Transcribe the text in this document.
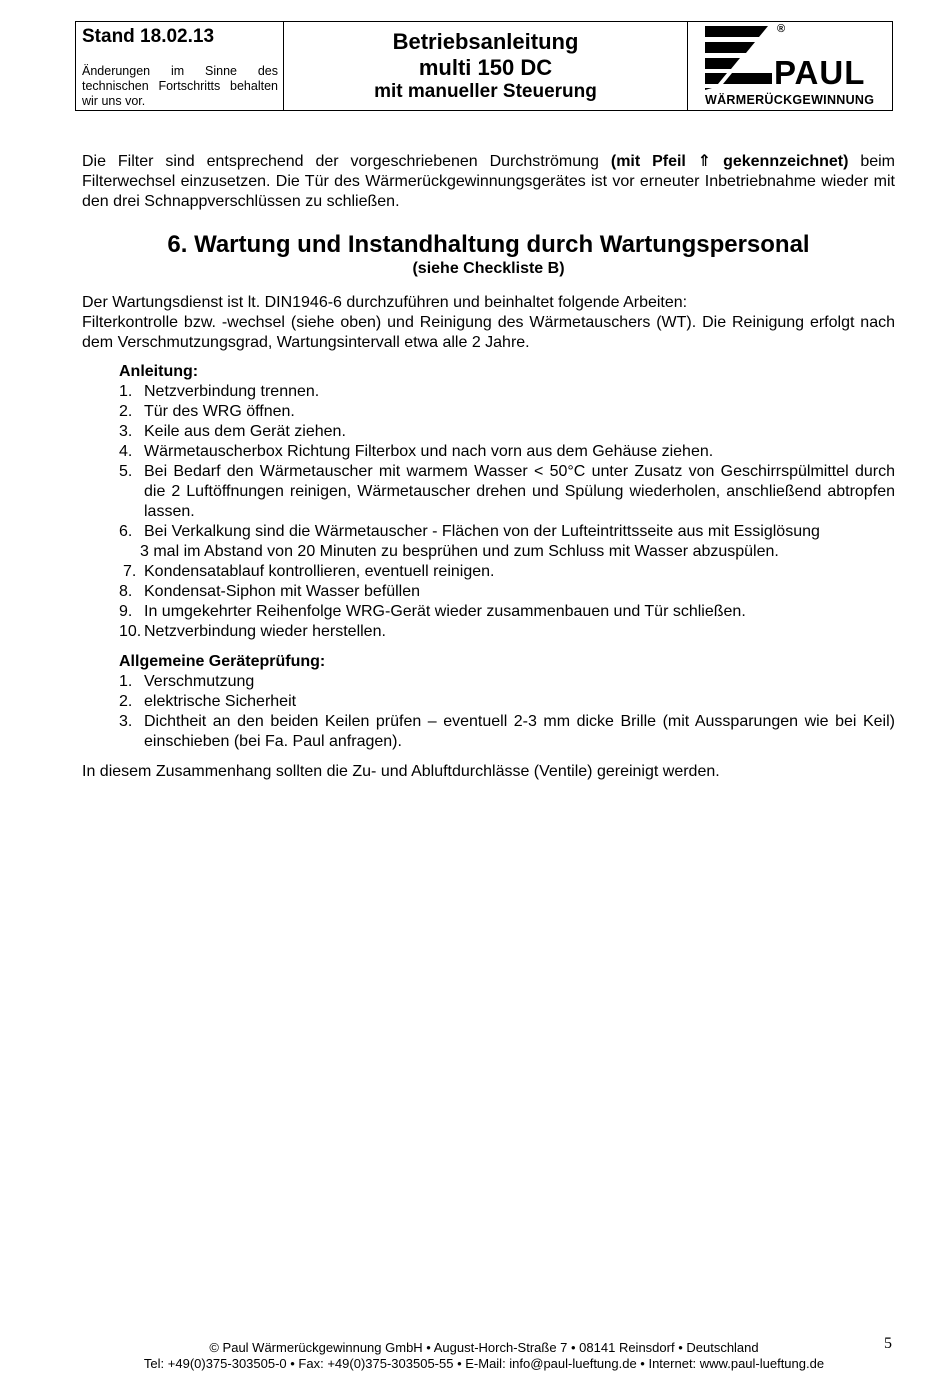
Stand 18.02.13
Änderungen im Sinne des technischen Fortschritts behalten wir uns vor.
Betriebsanleitung
multi 150 DC
mit manueller Steuerung
®
PAUL
WÄRMERÜCKGEWINNUNG

Die Filter sind entsprechend der vorgeschriebenen Durchströmung (mit Pfeil ⇑ gekennzeichnet) beim Filterwechsel einzusetzen. Die Tür des Wärmerückgewinnungsgerätes ist vor erneuter Inbetriebnahme wieder mit den drei Schnappverschlüssen zu schließen.

6. Wartung und Instandhaltung durch Wartungspersonal
(siehe Checkliste B)

Der Wartungsdienst ist lt. DIN1946-6 durchzuführen und beinhaltet folgende Arbeiten:

Filterkontrolle bzw. -wechsel (siehe oben) und Reinigung des Wärmetauschers (WT). Die Reinigung erfolgt nach dem Verschmutzungsgrad, Wartungsintervall etwa alle 2 Jahre.

Anleitung:
1. Netzverbindung trennen.
2. Tür des WRG öffnen.
3. Keile aus dem Gerät ziehen.
4. Wärmetauscherbox Richtung Filterbox und nach vorn aus dem Gehäuse ziehen.
5. Bei Bedarf den Wärmetauscher mit warmem Wasser < 50°C unter Zusatz von Geschirrspülmittel durch die 2 Luftöffnungen reinigen, Wärmetauscher drehen und Spülung wiederholen, anschließend abtropfen lassen.
6. Bei Verkalkung sind die Wärmetauscher - Flächen von der Lufteintrittsseite aus mit Essiglösung
3 mal im Abstand von 20 Minuten zu besprühen und zum Schluss mit Wasser abzuspülen.
7. Kondensatablauf kontrollieren, eventuell reinigen.
8. Kondensat-Siphon mit Wasser befüllen
9. In umgekehrter Reihenfolge WRG-Gerät wieder zusammenbauen und Tür schließen.
10. Netzverbindung wieder herstellen.
Allgemeine Geräteprüfung:
1. Verschmutzung
2. elektrische Sicherheit
3. Dichtheit an den beiden Keilen prüfen – eventuell 2-3 mm dicke Brille (mit Aussparungen wie bei Keil) einschieben (bei Fa. Paul anfragen).

In diesem Zusammenhang sollten die Zu- und Abluftdurchlässe (Ventile) gereinigt werden.

© Paul Wärmerückgewinnung GmbH • August-Horch-Straße 7 • 08141 Reinsdorf • Deutschland
Tel: +49(0)375-303505-0 • Fax: +49(0)375-303505-55 • E-Mail: info@paul-lueftung.de • Internet: www.paul-lueftung.de
5
